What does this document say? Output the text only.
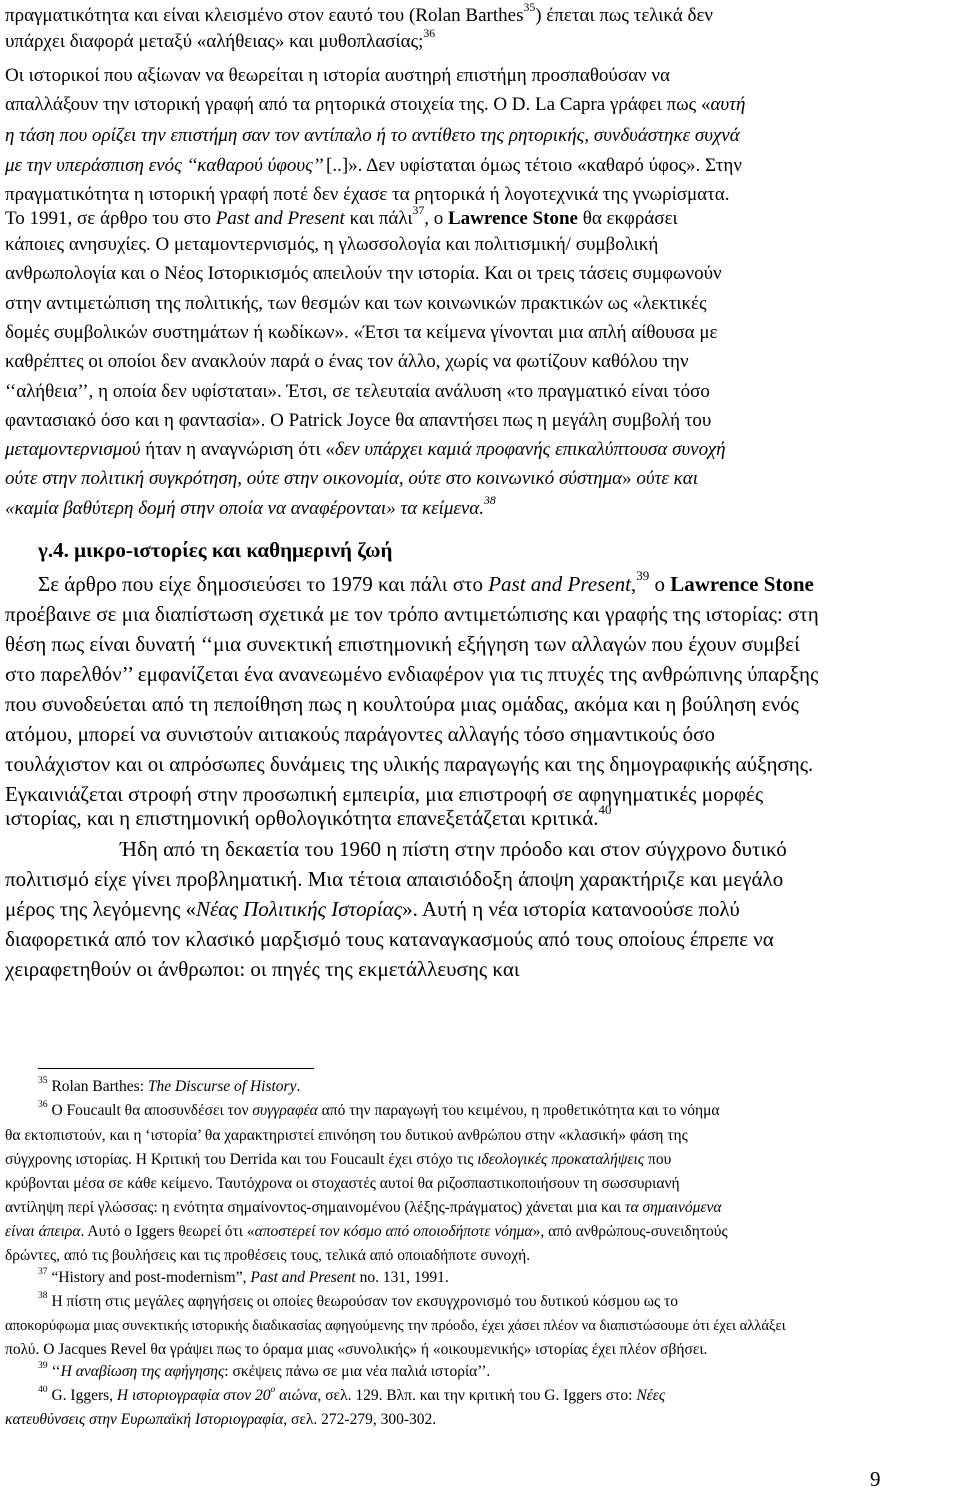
πραγματικότητα και είναι κλεισμένο στον εαυτό του (Rolan Barthes$^{35}$) έπεται πως τελικά δεν
υπάρχει διαφορά μεταξύ «αλήθειας» και μυθοπλασίας;$^{36}$
Οι ιστορικοί που αξίωναν να θεωρείται η ιστορία αυστηρή επιστήμη προσπαθούσαν να
απαλλάξουν την ιστορική γραφή από τα ρητορικά στοιχεία της. O D. La Capra γράφει πως «αυτή
η τάση που ορίζει την επιστήμη σαν τον αντίπαλο ή το αντίθετο της ρητορικής, συνδυάστηκε συχνά
με την υπεράσπιση ενός ‘‘καθαρού ύφους’’ [..]». Δεν υφίσταται όμως τέτοιο «καθαρό ύφος». Στην
πραγματικότητα η ιστορική γραφή ποτέ δεν έχασε τα ρητορικά ή λογοτεχνικά της γνωρίσματα.
Το 1991, σε άρθρο του στο Past and Present και πάλι$^{37}$, ο Lawrence Stone θα εκφράσει
κάποιες ανησυχίες. Ο μεταμοντερνισμός, η γλωσσολογία και πολιτισμική/ συμβολική
ανθρωπολογία και ο Νέος Ιστορικισμός απειλούν την ιστορία. Και οι τρεις τάσεις συμφωνούν
στην αντιμετώπιση της πολιτικής, των θεσμών και των κοινωνικών πρακτικών ως «λεκτικές
δομές συμβολικών συστημάτων ή κωδίκων». «Έτσι τα κείμενα γίνονται μια απλή αίθουσα με
καθρέπτες οι οποίοι δεν ανακλούν παρά ο ένας τον άλλο, χωρίς να φωτίζουν καθόλου την
‘‘αλήθεια’’, η οποία δεν υφίσταται». Έτσι, σε τελευταία ανάλυση «το πραγματικό είναι τόσο
φαντασιακό όσο και η φαντασία». O Patrick Joyce θα απαντήσει πως η μεγάλη συμβολή του
μεταμοντερνισμού ήταν η αναγνώριση ότι «δεν υπάρχει καμιά προφανής επικαλύπτουσα συνοχή
ούτε στην πολιτική συγκρότηση, ούτε στην οικονομία, ούτε στο κοινωνικό σύστημα» ούτε και
«καμία βαθύτερη δομή στην οποία να αναφέρονται» τα κείμενα.$^{38}$
γ.4. μικρο-ιστορίες και καθημερινή ζωή
Σε άρθρο που είχε δημοσιεύσει το 1979 και πάλι στο Past and Present,$^{39}$ ο Lawrence Stone
προέβαινε σε μια διαπίστωση σχετικά με τον τρόπο αντιμετώπισης και γραφής της ιστορίας: στη
θέση πως είναι δυνατή ‘‘μια συνεκτική επιστημονική εξήγηση των αλλαγών που έχουν συμβεί
στο παρελθόν’’ εμφανίζεται ένα ανανεωμένο ενδιαφέρον για τις πτυχές της ανθρώπινης ύπαρξης
που συνοδεύεται από τη πεποίθηση πως η κουλτούρα μιας ομάδας, ακόμα και η βούληση ενός
ατόμου, μπορεί να συνιστούν αιτιακούς παράγοντες αλλαγής τόσο σημαντικούς όσο
τουλάχιστον και οι απρόσωπες δυνάμεις της υλικής παραγωγής και της δημογραφικής αύξησης.
Εγκαινιάζεται στροφή στην προσωπική εμπειρία, μια επιστροφή σε αφηγηματικές μορφές
ιστορίας, και η επιστημονική ορθολογικότητα επανεξετάζεται κριτικά.$^{40}$
Ήδη από τη δεκαετία του 1960 η πίστη στην πρόοδο και στον σύγχρονο δυτικό
πολιτισμό είχε γίνει προβληματική. Μια τέτοια απαισιόδοξη άποψη χαρακτήριζε και μεγάλο
μέρος της λεγόμενης «Νέας Πολιτικής Ιστορίας». Αυτή η νέα ιστορία κατανοούσε πολύ
διαφορετικά από τον κλασικό μαρξισμό τους καταναγκασμούς από τους οποίους έπρεπε να
χειραφετηθούν οι άνθρωποι: οι πηγές της εκμετάλλευσης και
$^{35}$ Rolan Barthes: The Discurse of History.
$^{36}$ O Foucault θα αποσυνδέσει τον συγγραφέα από την παραγωγή του κειμένου, η προθετικότητα και το νόημα
θα εκτοπιστούν, και η ‘ιστορία’ θα χαρακτηριστεί επινόηση του δυτικού ανθρώπου στην «κλασική» φάση της
σύγχρονης ιστορίας. Η Κριτική του Derrida και του Foucault έχει στόχο τις ιδεολογικές προκαταλήψεις που
κρύβονται μέσα σε κάθε κείμενο. Ταυτόχρονα οι στοχαστές αυτοί θα ριζοσπαστικοποιήσουν τη σωσσυριανή
αντίληψη περί γλώσσας: η ενότητα σημαίνοντος-σημαινομένου (λέξης-πράγματος) χάνεται μια και τα σημαινόμενα
είναι άπειρα. Αυτό ο Iggers θεωρεί ότι «αποστερεί τον κόσμο από οποιοδήποτε νόημα», από ανθρώπους-συνειδητούς
δρώντες, από τις βουλήσεις και τις προθέσεις τους, τελικά από οποιαδήποτε συνοχή.
$^{37}$ “History and post-modernism”, Past and Present no. 131, 1991.
$^{38}$ Η πίστη στις μεγάλες αφηγήσεις οι οποίες θεωρούσαν τον εκσυγχρονισμό του δυτικού κόσμου ως το
αποκορύφωμα μιας συνεκτικής ιστορικής διαδικασίας αφηγούμενης την πρόοδο, έχει χάσει πλέον να διαπιστώσουμε ότι έχει αλλάξει
πολύ. O Jacques Revel θα γράψει πως το όραμα μιας «συνολικής» ή «οικουμενικής» ιστορίας έχει πλέον σβήσει.
$^{39}$ ‘‘Η αναβίωση της αφήγησης: σκέψεις πάνω σε μια νέα παλιά ιστορία’’.
$^{40}$ G. Iggers, Η ιστοριογραφία στον $20^o$ αιώνα, σελ. 129. Βλπ. και την κριτική του G. Iggers στο: Νέες
κατευθύνσεις στην Ευρωπαϊκή Ιστοριογραφία, σελ. 272-279, 300-302.
9
